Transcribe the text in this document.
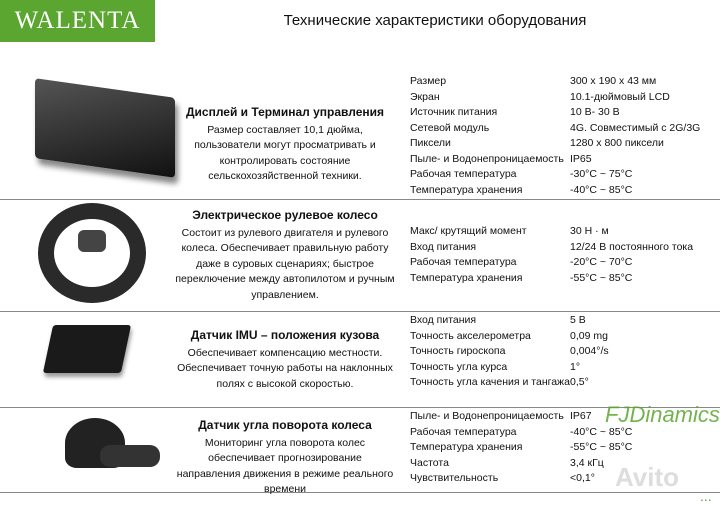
WALENTA	Технические характеристики оборудования
FJDinamics
Avito
...
Дисплей и Терминал управления
Размер составляет 10,1 дюйма, пользователи могут просматривать и контролировать состояние сельскохозяйственной техники.
Размер	300 x 190 x 43 мм
Экран	10.1-дюймовый LCD
Источник питания	10 В- 30 В
Сетевой модуль	4G. Совместимый с 2G/3G
Пиксели	1280 x 800 пиксели
Пыле- и Водонепроницаемость IP65
Рабочая температура	-30°C ~ 75°C
Температура хранения	-40°C ~ 85°C
Электрическое рулевое колесо
Состоит из рулевого двигателя и рулевого колеса. Обеспечивает правильную работу даже в суровых сценариях; быстрое переключение между автопилотом и ручным управлением.
Макс/ крутящий момент	30 Н · м
Вход питания	12/24 В постоянного тока
Рабочая температура	-20°C ~ 70°C
Температура хранения	-55°C ~ 85°C
Датчик IMU – положения кузова
Обеспечивает компенсацию местности. Обеспечивает точную работы на наклонных полях с высокой скоростью.
Вход питания	5 В
Точность акселерометра	0,09 mg
Точность гироскопа	0,004°/s
Точность угла курса	1°
Точность угла качения и тангажа 0,5°
Датчик угла поворота колеса
Мониторинг угла поворота колес обеспечивает прогнозирование направления движения в режиме реального времени
Пыле- и Водонепроницаемость IP67
Рабочая температура	-40°C ~ 85°C
Температура хранения	-55°C ~ 85°C
Частота	3,4 кГц
Чувствительность	<0,1°
